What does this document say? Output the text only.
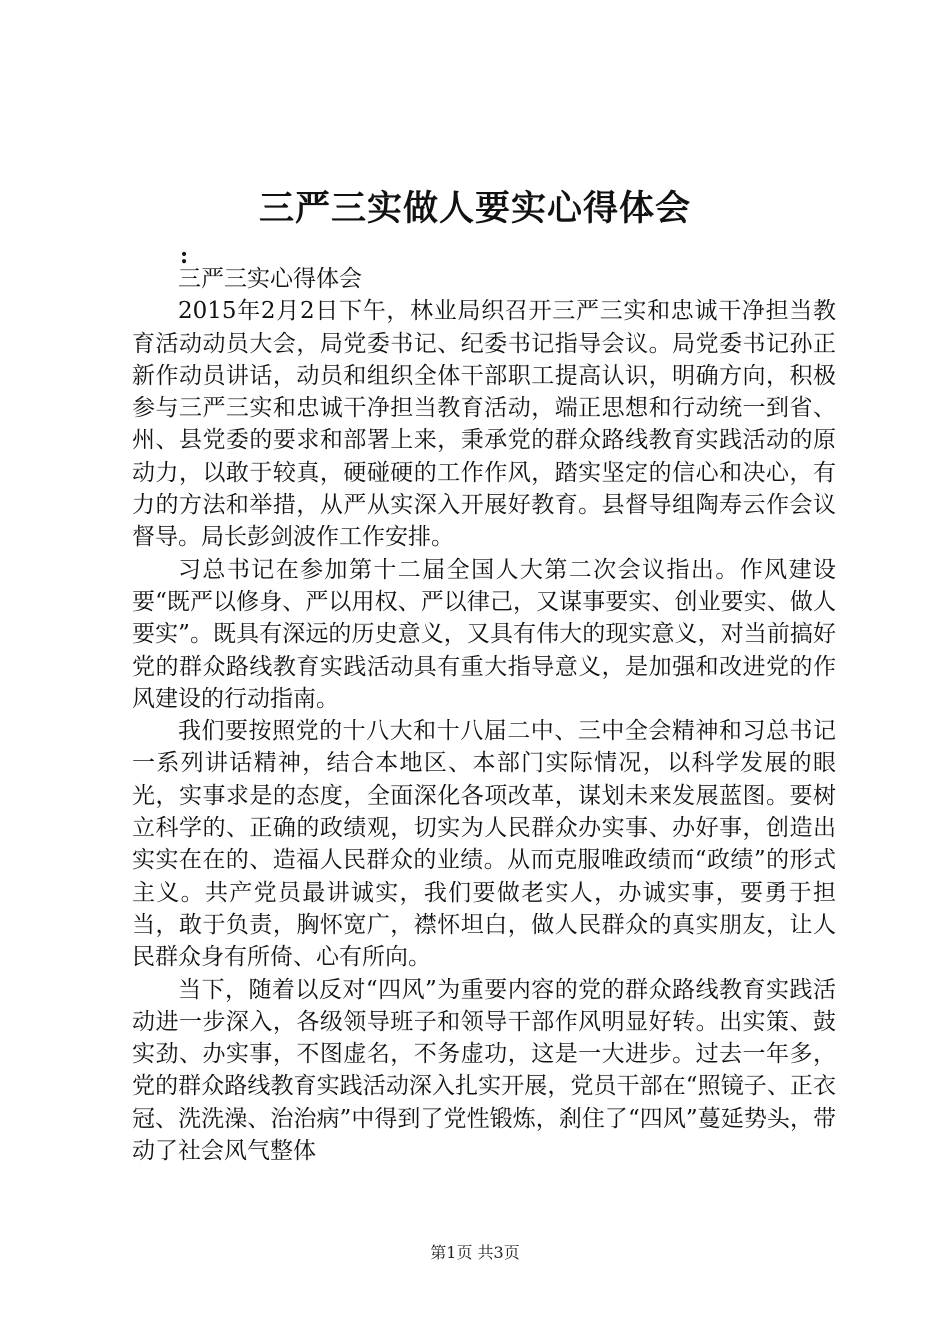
三严三实做人要实心得体会
:

三严三实心得体会

2015年2月2日下午，林业局织召开三严三实和忠诚干净担当教育活动动员大会，局党委书记、纪委书记指导会议。局党委书记孙正新作动员讲话，动员和组织全体干部职工提高认识，明确方向，积极参与三严三实和忠诚干净担当教育活动，端正思想和行动统一到省、州、县党委的要求和部署上来，秉承党的群众路线教育实践活动的原动力，以敢于较真，硬碰硬的工作作风，踏实坚定的信心和决心，有力的方法和举措，从严从实深入开展好教育。县督导组陶寿云作会议督导。局长彭剑波作工作安排。

习总书记在参加第十二届全国人大第二次会议指出。作风建设要“既严以修身、严以用权、严以律己，又谋事要实、创业要实、做人要实”。既具有深远的历史意义，又具有伟大的现实意义，对当前搞好党的群众路线教育实践活动具有重大指导意义，是加强和改进党的作风建设的行动指南。

我们要按照党的十八大和十八届二中、三中全会精神和习总书记一系列讲话精神，结合本地区、本部门实际情况，以科学发展的眼光，实事求是的态度，全面深化各项改革，谋划未来发展蓝图。要树立科学的、正确的政绩观，切实为人民群众办实事、办好事，创造出实实在在的、造福人民群众的业绩。从而克服唯政绩而“政绩”的形式主义。共产党员最讲诚实，我们要做老实人，办诚实事，要勇于担当，敢于负责，胸怀宽广，襟怀坦白，做人民群众的真实朋友，让人民群众身有所倚、心有所向。

当下，随着以反对“四风”为重要内容的党的群众路线教育实践活动进一步深入，各级领导班子和领导干部作风明显好转。出实策、鼓实劲、办实事，不图虚名，不务虚功，这是一大进步。过去一年多，党的群众路线教育实践活动深入扎实开展，党员干部在“照镜子、正衣冠、洗洗澡、治治病”中得到了党性锻炼，刹住了“四风”蔓延势头，带动了社会风气整体

第1页 共3页
